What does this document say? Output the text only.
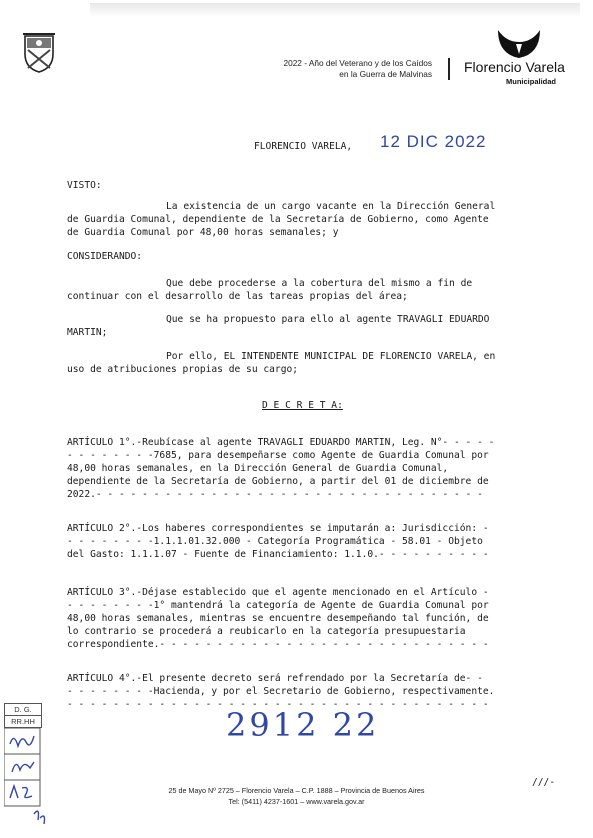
2022 - Año del Veterano y de los Caídos
en la Guerra de Malvinas Florencio Varela
Municipalidad
FLORENCIO VARELA, 12 DIC 2022
VISTO:
La existencia de un cargo vacante en la Dirección General
de Guardia Comunal, dependiente de la Secretaría de Gobierno, como Agente
de Guardia Comunal por 48,00 horas semanales; y
CONSIDERANDO:
Que debe procederse a la cobertura del mismo a fin de
continuar con el desarrollo de las tareas propias del área;
Que se ha propuesto para ello al agente TRAVAGLI EDUARDO
MARTIN;
Por ello, EL INTENDENTE MUNICIPAL DE FLORENCIO VARELA, en
uso de atribuciones propias de su cargo;
D E C R E T A:
ARTÍCULO 1°.-Reubícase al agente TRAVAGLI EDUARDO MARTIN, Leg. N°- - - - -
- - - - - - - -7685, para desempeñarse como Agente de Guardia Comunal por
48,00 horas semanales, en la Dirección General de Guardia Comunal,
dependiente de la Secretaría de Gobierno, a partir del 01 de diciembre de
2022.- - - - - - - - - - - - - - - - - - - - - - - - - - - - - - - - - -
ARTÍCULO 2°.-Los haberes correspondientes se imputarán a: Jurisdicción: -
- - - - - - - -1.1.1.01.32.000 - Categoría Programática - 58.01 - Objeto
del Gasto: 1.1.1.07 - Fuente de Financiamiento: 1.1.0.- - - - - - - - - -
ARTÍCULO 3°.-Déjase establecido que el agente mencionado en el Artículo -
- - - - - - - -1° mantendrá la categoría de Agente de Guardia Comunal por
48,00 horas semanales, mientras se encuentre desempeñando tal función, de
lo contrario se procederá a reubicarlo en la categoría presupuestaria
correspondiente.- - - - - - - - - - - - - - - - - - - - - - - - - - - - -
ARTÍCULO 4°.-El presente decreto será refrendado por la Secretaría de- -
- - - - - - - -Hacienda, y por el Secretario de Gobierno, respectivamente.
- - - - - - - - - - - - - - - - - - - - - - - - - - - - - - - - - - - - -
2912 22
D. G.
RR.HH
///-
25 de Mayo Nº 2725 – Florencio Varela – C.P. 1888 – Provincia de Buenos Aires
Tel: (5411) 4237-1601 – www.varela.gov.ar
